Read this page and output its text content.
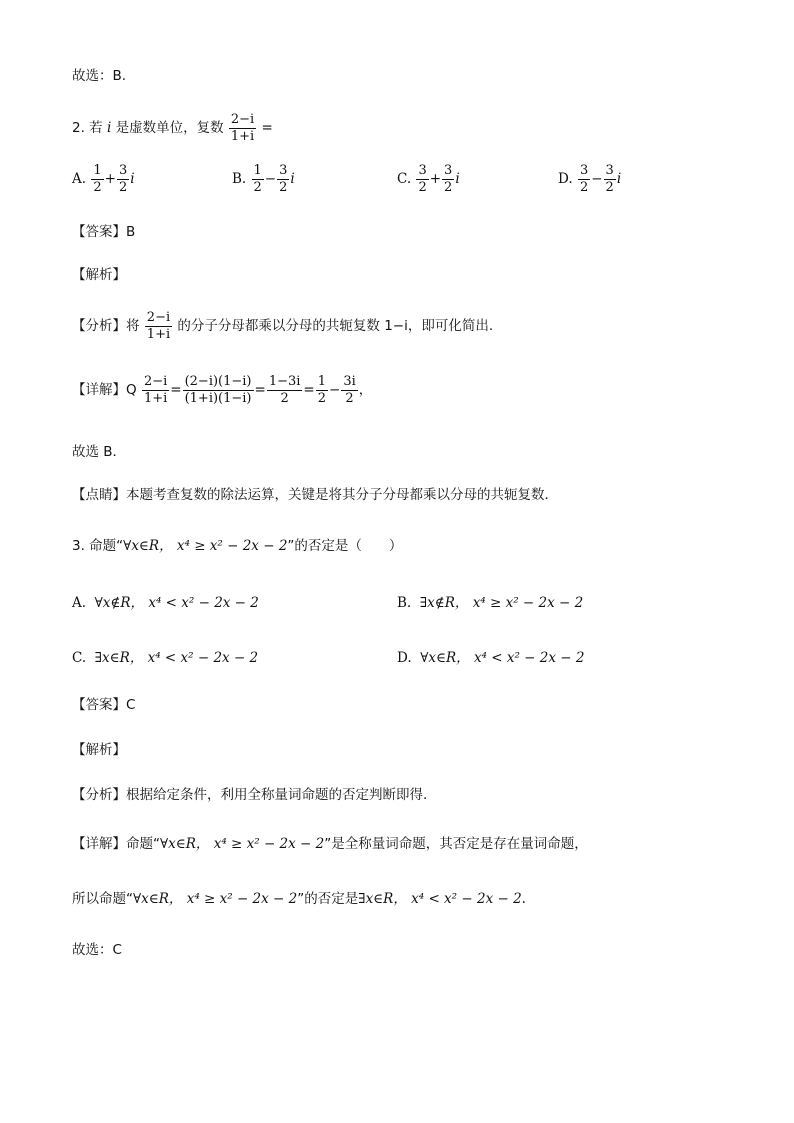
故选：B.
2. 若 i 是虚数单位，复数 $\frac{2-i}{1+i}$ =
A. $\frac{1}{2} + \frac{3}{2}$ i	B. $\frac{1}{2} - \frac{3}{2}$ i	C. $\frac{3}{2} + \frac{3}{2}$ i	D. $\frac{3}{2} - \frac{3}{2}$ i
【答案】B
【解析】
【分析】将 $\frac{2-i}{1+i}$ 的分子分母都乘以分母的共轭复数 1−i，即可化简出.
【详解】Q $\frac{2-i}{1+i} = \frac{(2-i)(1-i)}{(1+i)(1-i)} = \frac{1-3i}{2} = \frac{1}{2} - \frac{3i}{2}$ ，
故选 B．
【点睛】本题考查复数的除法运算，关键是将其分子分母都乘以分母的共轭复数．
3. 命题“∀x∈R， x⁴ ≥ x² − 2x − 2”的否定是（　　）
A. ∀x∉R， x⁴ < x² − 2x − 2	B. ∃x∉R， x⁴ ≥ x² − 2x − 2
C. ∃x∈R， x⁴ < x² − 2x − 2	D. ∀x∈R， x⁴ < x² − 2x − 2
【答案】C
【解析】
【分析】根据给定条件，利用全称量词命题的否定判断即得.
【详解】命题“∀x∈R， x⁴ ≥ x² − 2x − 2”是全称量词命题，其否定是存在量词命题，
所以命题“∀x∈R， x⁴ ≥ x² − 2x − 2”的否定是∃x∈R， x⁴ < x² − 2x − 2.
故选：C
